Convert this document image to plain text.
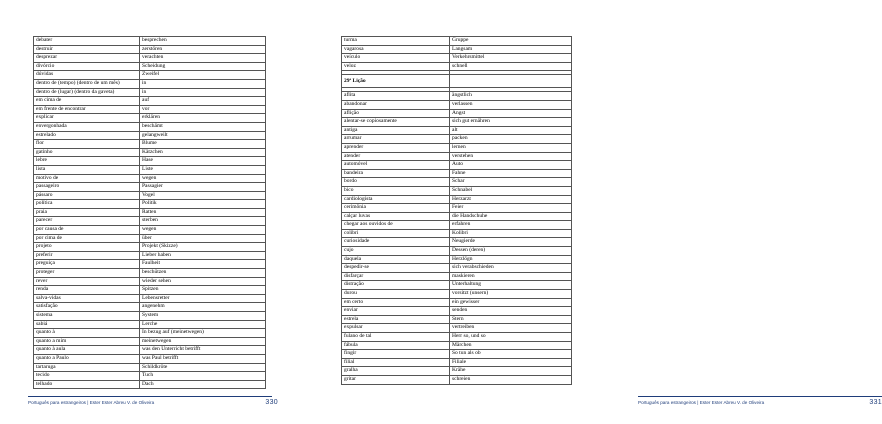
debater	besprechen
destruir	zerstören
desprezar	verachten
divórcio	Scheidung
dúvidas	Zweifel
dentro de (tempo) (dentro de um mês)	in
dentro de (lugar) (dentro da gaveta)	in
em cima de	auf
em frente de encontrar	vor
explicar	erklären
envergonhada	beschämt
estrelado	gelangweilt
flor	Blume
gatinho	Kätzchen
lebre	Hase
lista	Liste
motivo de	wegen
passageiro	Passagier
pássaro	Vogel
política	Politik
praia	Ratten
parecer	sterben
por causa de	wegen
por cima de	über
projeto	Projekt (Skizze)
preferir	Lieber haben
preguiça	Faulheit
proteger	beschützen
rever	wieder sehen
renda	Spitzen
salva-vidas	Lebensretter
satisfação	angenehm
sistema	System
sabiá	Lerche
quanto à	In bezug auf (meinetwegen)
quanto a mim	meinetwegen
quanto à aula	was den Unterricht betrifft
quanto a Paulo	was Paul betrifft
tartaruga	Schildkröte
tecido	Tuch
telhado	Dach
Português para estrangeiros | Ester Ester Abreu V. de Oliveira	330
turma	Gruppe
vagarosa	Langsam
veículo	Verkehrsmittel
veloz	schnell

29ª Lição	

aflita	ängstlich
abandonar	verlassen
aflição	Angst
alentar-se copiosamente	sich gut ernähren
antiga	alt
arrumar	packen
aprender	lernen
atender	verstehen
automóvel	Auto
bandeira	Fahne
bordo	Schar
bico	Schnabel
cardiologista	Herzarzt
cerimônia	Feier
calçar luvas	die Handschuhe
chegar aos ouvidos de	erfahren
colibri	Kolibri
curiosidade	Neugierde
cujo	Dessen (deren)
daquela	Herzlögn
despedir-se	sich verabschieden
disfarçar	maskieren
distração	Unterhaltung
durou	vorsitzt (unsern)
em certo	ein gewisser
enviar	senden
estrela	Stern
expulsar	vertreiben
fulano de tal	Herr so, und so
fábula	Märchen
fingir	So tun als ob
filial	Filiale
gralha	Krähe
gritar	schreien
Português para estrangeiros | Ester Ester Abreu V. de Oliveira	331
